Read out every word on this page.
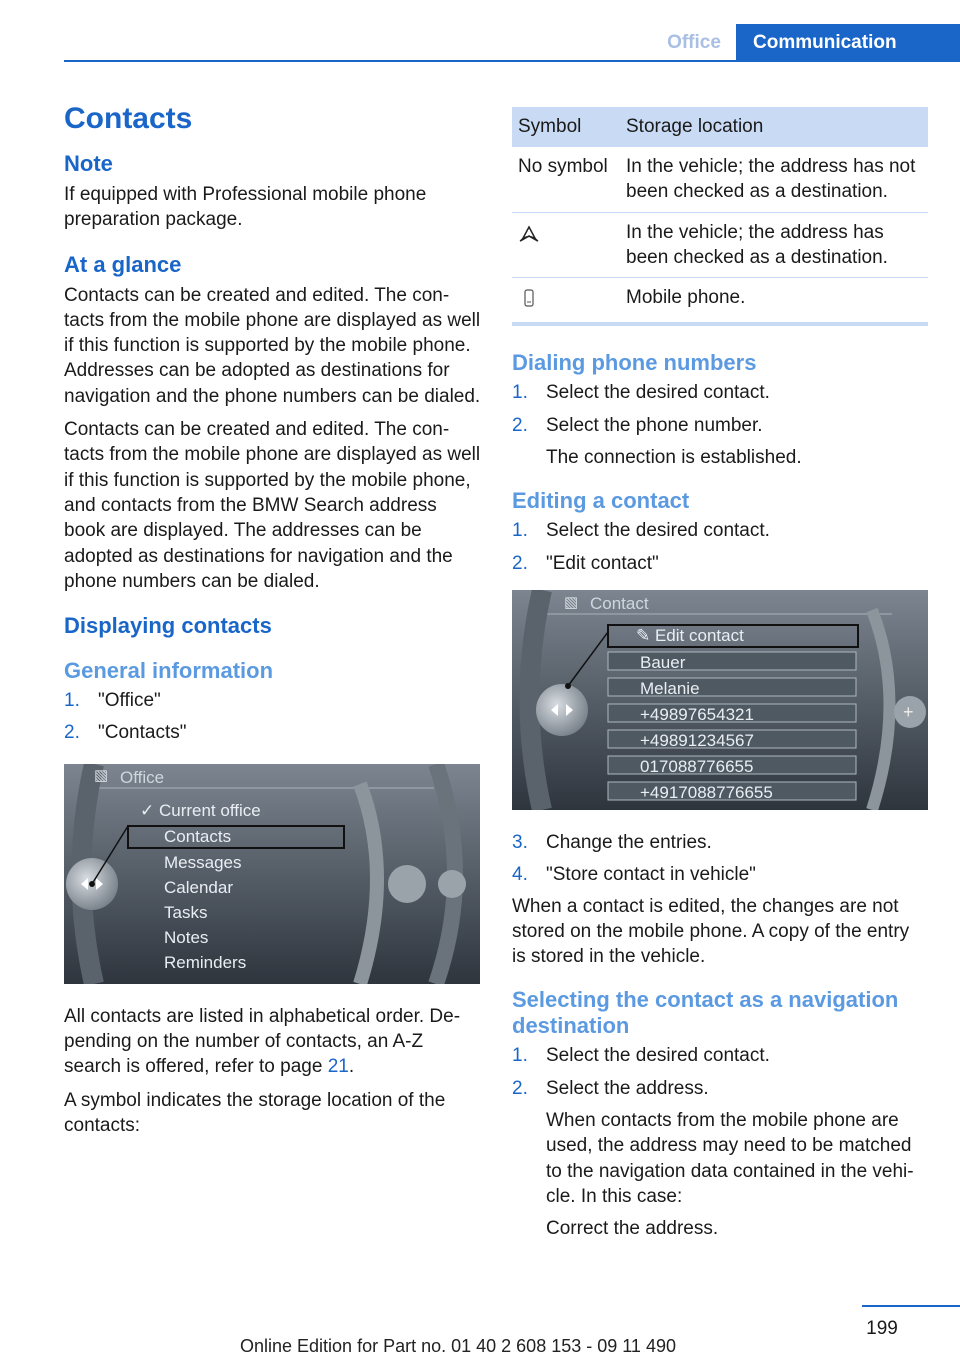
Office	Communication
Contacts
Note

If equipped with Professional mobile phone preparation package.

At a glance

Contacts can be created and edited. The contacts from the mobile phone are displayed as well if this function is supported by the mobile phone. Addresses can be adopted as destinations for navigation and the phone numbers can be dialed.

Contacts can be created and edited. The contacts from the mobile phone are displayed as well if this function is supported by the mobile phone, and contacts from the BMW Search address book are displayed. The addresses can be adopted as destinations for navigation and the phone numbers can be dialed.

Displaying contacts
General information
1. "Office"
2. "Contacts"
▧ Office
✓ Current office
Contacts
Messages
Calendar
Tasks
Notes
Reminders

All contacts are listed in alphabetical order. Depending on the number of contacts, an A-Z search is offered, refer to page 21.

A symbol indicates the storage location of the contacts:

Symbol	Storage location
No symbol	In the vehicle; the address has not been checked as a destination.
	In the vehicle; the address has been checked as a destination.
	Mobile phone.
Dialing phone numbers
1. Select the desired contact.
2. Select the phone number.
The connection is established.
Editing a contact
1. Select the desired contact.
2. "Edit contact"
+
▧ Contact
✎ Edit contact
Bauer
Melanie
+49897654321
+49891234567
017088776655
+4917088776655
3. Change the entries.
4. "Store contact in vehicle"

When a contact is edited, the changes are not stored on the mobile phone. A copy of the entry is stored in the vehicle.

Selecting the contact as a navigation destination
1. Select the desired contact.
2. Select the address.
When contacts from the mobile phone are used, the address may need to be matched to the navigation data contained in the vehicle. In this case:
Correct the address.
199
Online Edition for Part no. 01 40 2 608 153 - 09 11 490
